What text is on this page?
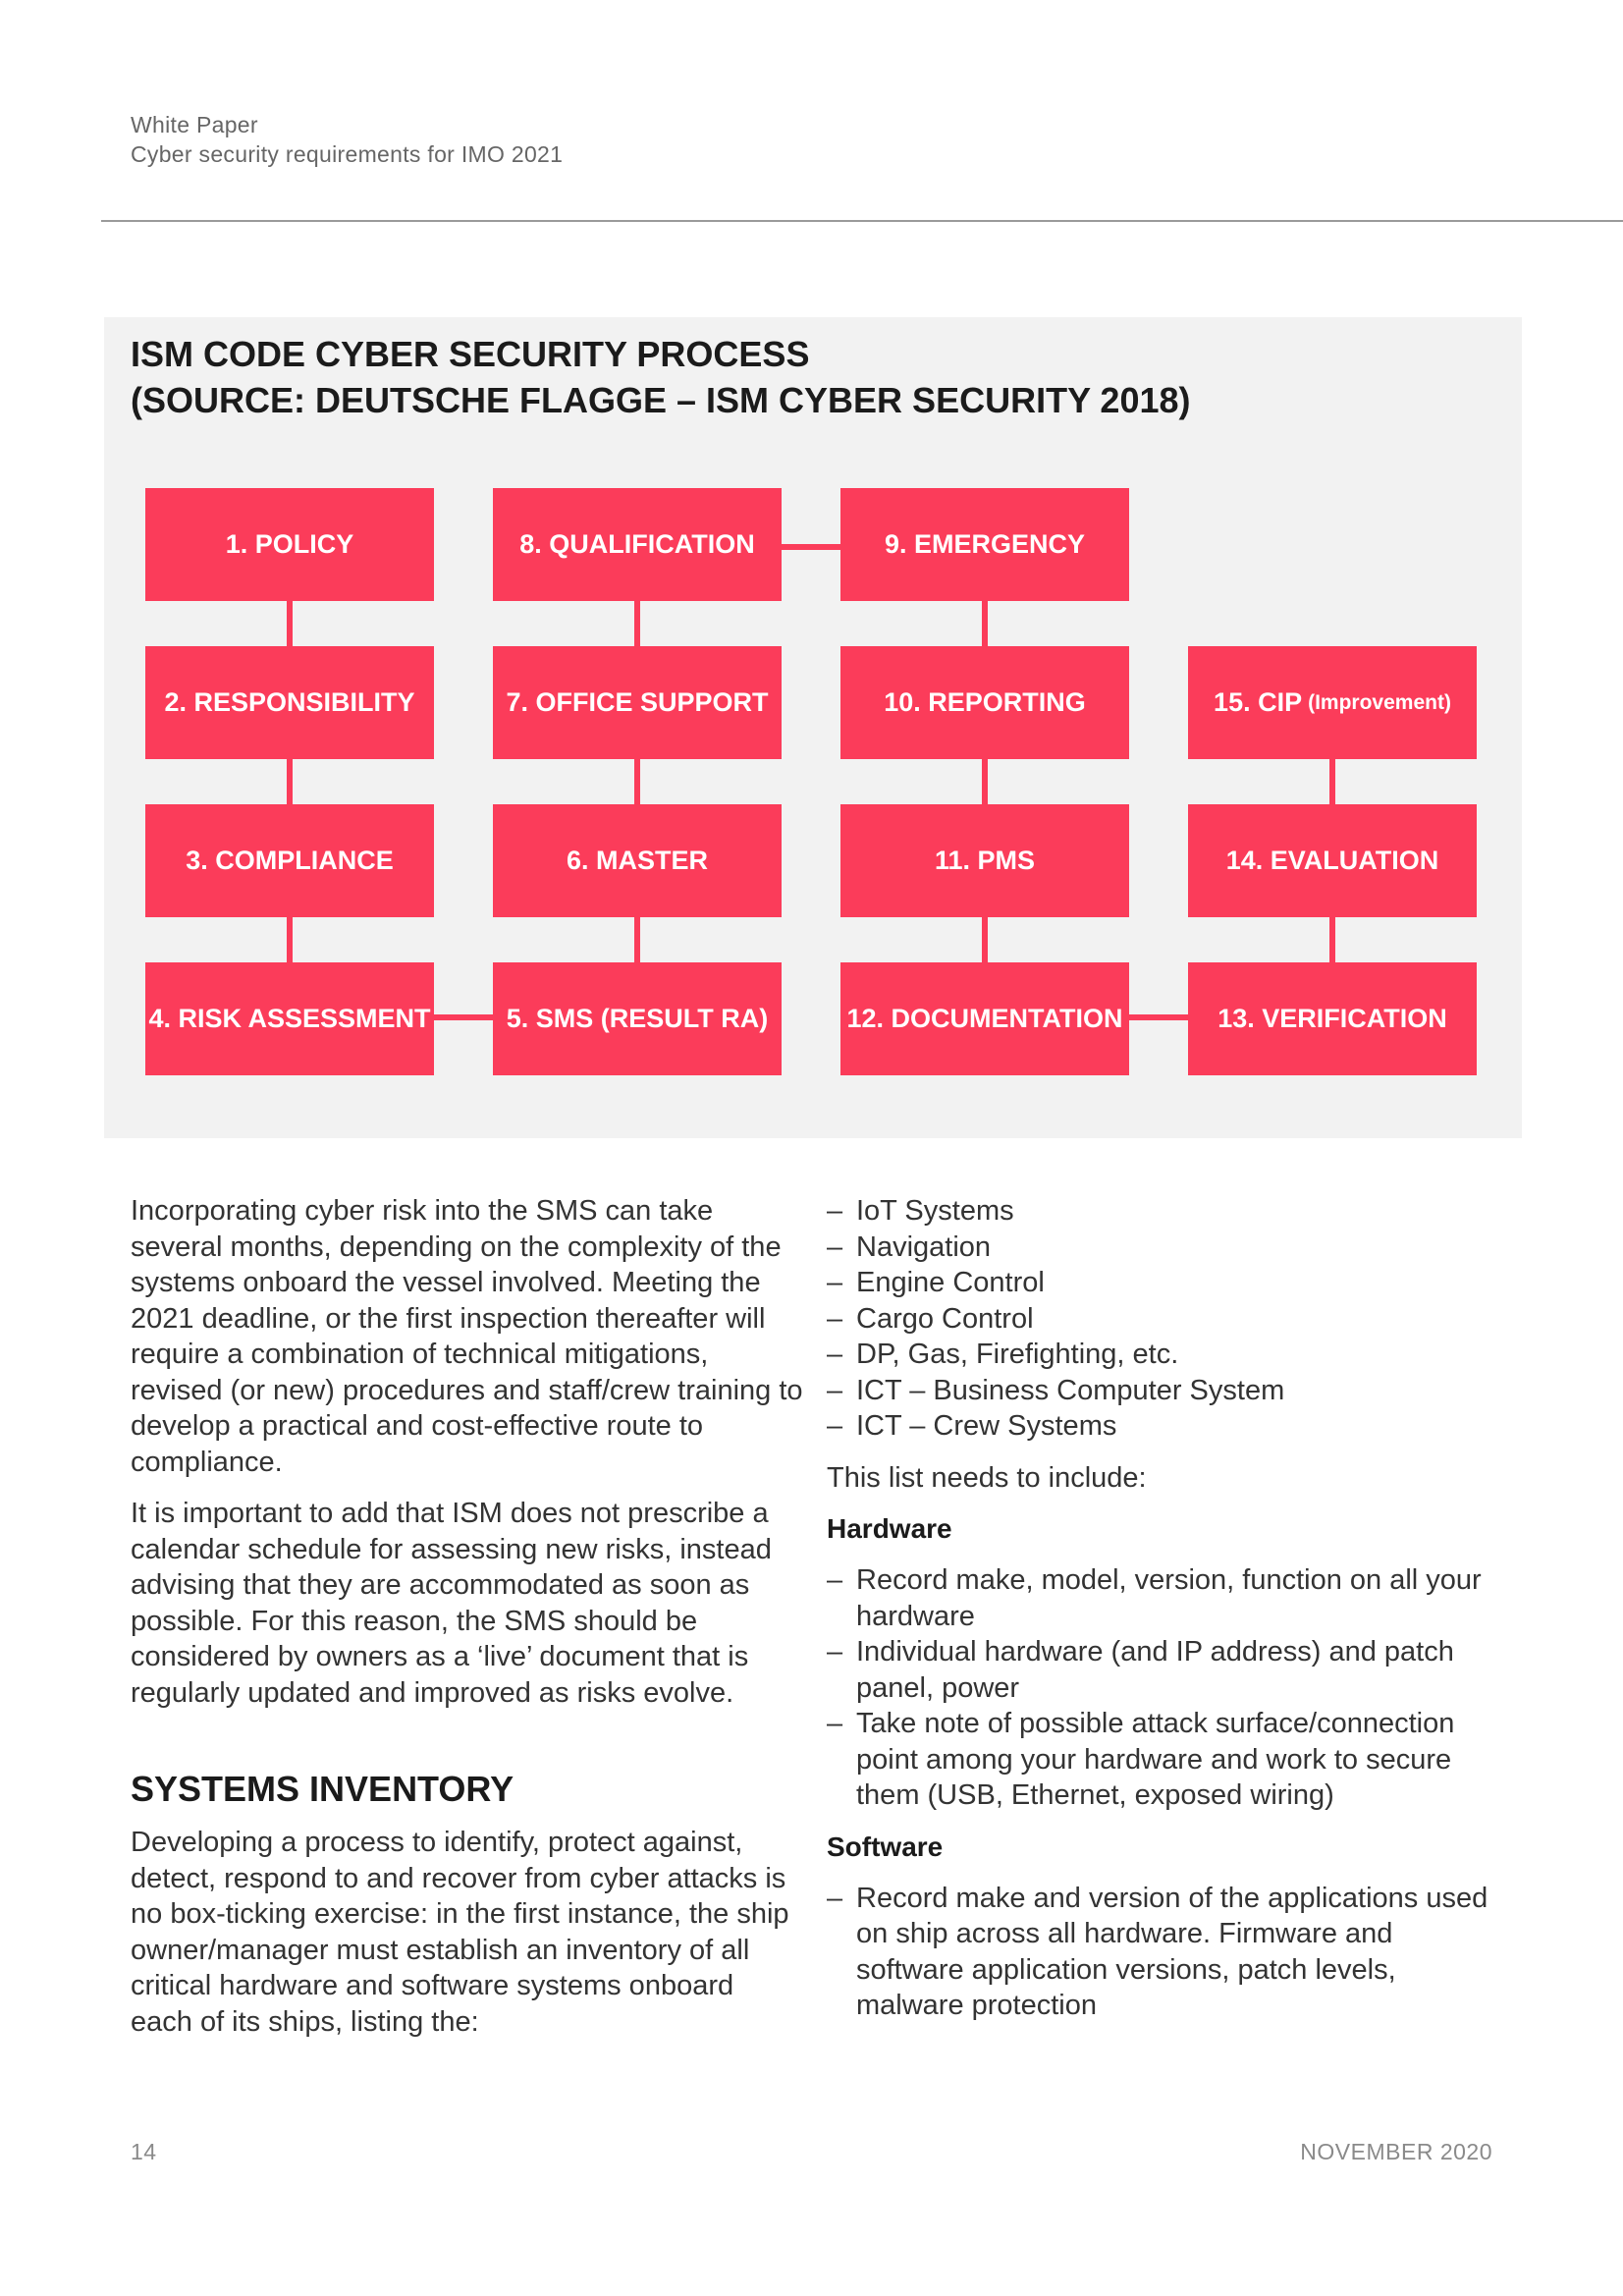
White Paper
Cyber security requirements for IMO 2021
ISM CODE CYBER SECURITY PROCESS
(SOURCE: DEUTSCHE FLAGGE – ISM CYBER SECURITY 2018)
1. POLICY
2. RESPONSIBILITY
3. COMPLIANCE
4. RISK ASSESSMENT
8. QUALIFICATION
7. OFFICE SUPPORT
6. MASTER
5. SMS (RESULT RA)
9. EMERGENCY
10. REPORTING
11. PMS
12. DOCUMENTATION
15. CIP (Improvement)
14. EVALUATION
13. VERIFICATION

Incorporating cyber risk into the SMS can take several months, depending on the complexity of the systems onboard the vessel involved. Meeting the 2021 deadline, or the first inspection thereafter will require a combination of technical mitigations, revised (or new) procedures and staff/crew training to develop a practical and cost-effective route to compliance.

It is important to add that ISM does not prescribe a calendar schedule for assessing new risks, instead advising that they are accommodated as soon as possible. For this reason, the SMS should be considered by owners as a ‘live’ document that is regularly updated and improved as risks evolve.

SYSTEMS INVENTORY

Developing a process to identify, protect against, detect, respond to and recover from cyber attacks is no box-ticking exercise: in the first instance, the ship owner/manager must establish an inventory of all critical hardware and software systems onboard each of its ships, listing the:

– IoT Systems
– Navigation
– Engine Control
– Cargo Control
– DP, Gas, Firefighting, etc.
– ICT – Business Computer System
– ICT – Crew Systems

This list needs to include:

Hardware
– Record make, model, version, function on all your hardware
– Individual hardware (and IP address) and patch panel, power
– Take note of possible attack surface/connection point among your hardware and work to secure them (USB, Ethernet, exposed wiring)
Software
– Record make and version of the applications used on ship across all hardware. Firmware and software application versions, patch levels, malware protection
14	NOVEMBER 2020
